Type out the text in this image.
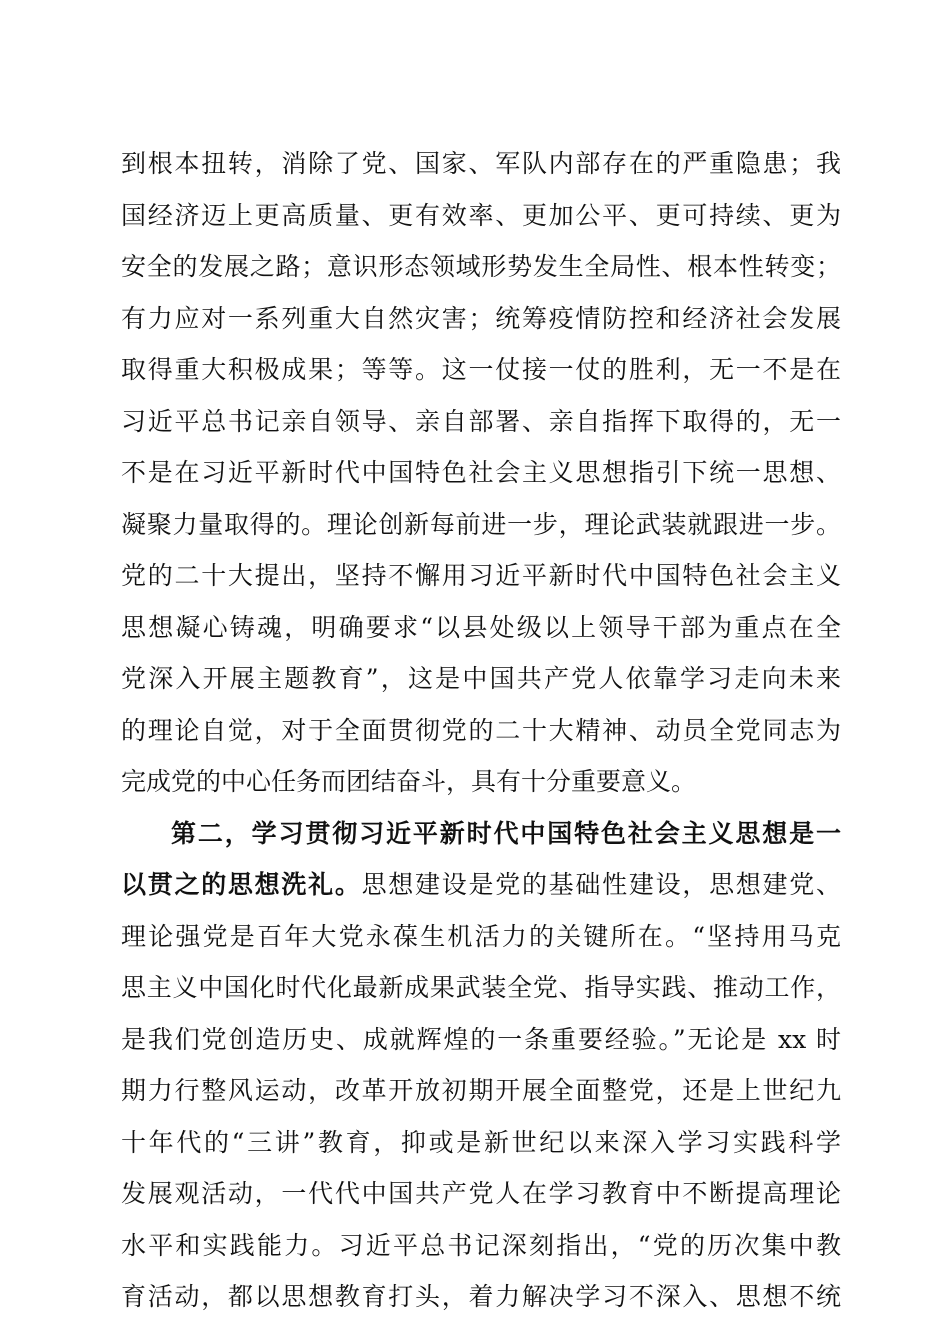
到根本扭转，消除了党、国家、军队内部存在的严重隐患；我
国经济迈上更高质量、更有效率、更加公平、更可持续、更为
安全的发展之路；意识形态领域形势发生全局性、根本性转变；
有力应对一系列重大自然灾害；统筹疫情防控和经济社会发展
取得重大积极成果；等等。这一仗接一仗的胜利，无一不是在
习近平总书记亲自领导、亲自部署、亲自指挥下取得的，无一
不是在习近平新时代中国特色社会主义思想指引下统一思想、
凝聚力量取得的。理论创新每前进一步，理论武装就跟进一步。
党的二十大提出，坚持不懈用习近平新时代中国特色社会主义
思想凝心铸魂，明确要求“以县处级以上领导干部为重点在全
党深入开展主题教育”，这是中国共产党人依靠学习走向未来
的理论自觉，对于全面贯彻党的二十大精神、动员全党同志为
完成党的中心任务而团结奋斗，具有十分重要意义。
第二，学习贯彻习近平新时代中国特色社会主义思想是一
以贯之的思想洗礼。思想建设是党的基础性建设，思想建党、
理论强党是百年大党永葆生机活力的关键所在。“坚持用马克
思主义中国化时代化最新成果武装全党、指导实践、推动工作，
是我们党创造历史、成就辉煌的一条重要经验。”无论是 xx 时
期力行整风运动，改革开放初期开展全面整党，还是上世纪九
十年代的“三讲”教育，抑或是新世纪以来深入学习实践科学
发展观活动，一代代中国共产党人在学习教育中不断提高理论
水平和实践能力。习近平总书记深刻指出，“党的历次集中教
育活动，都以思想教育打头，着力解决学习不深入、思想不统
